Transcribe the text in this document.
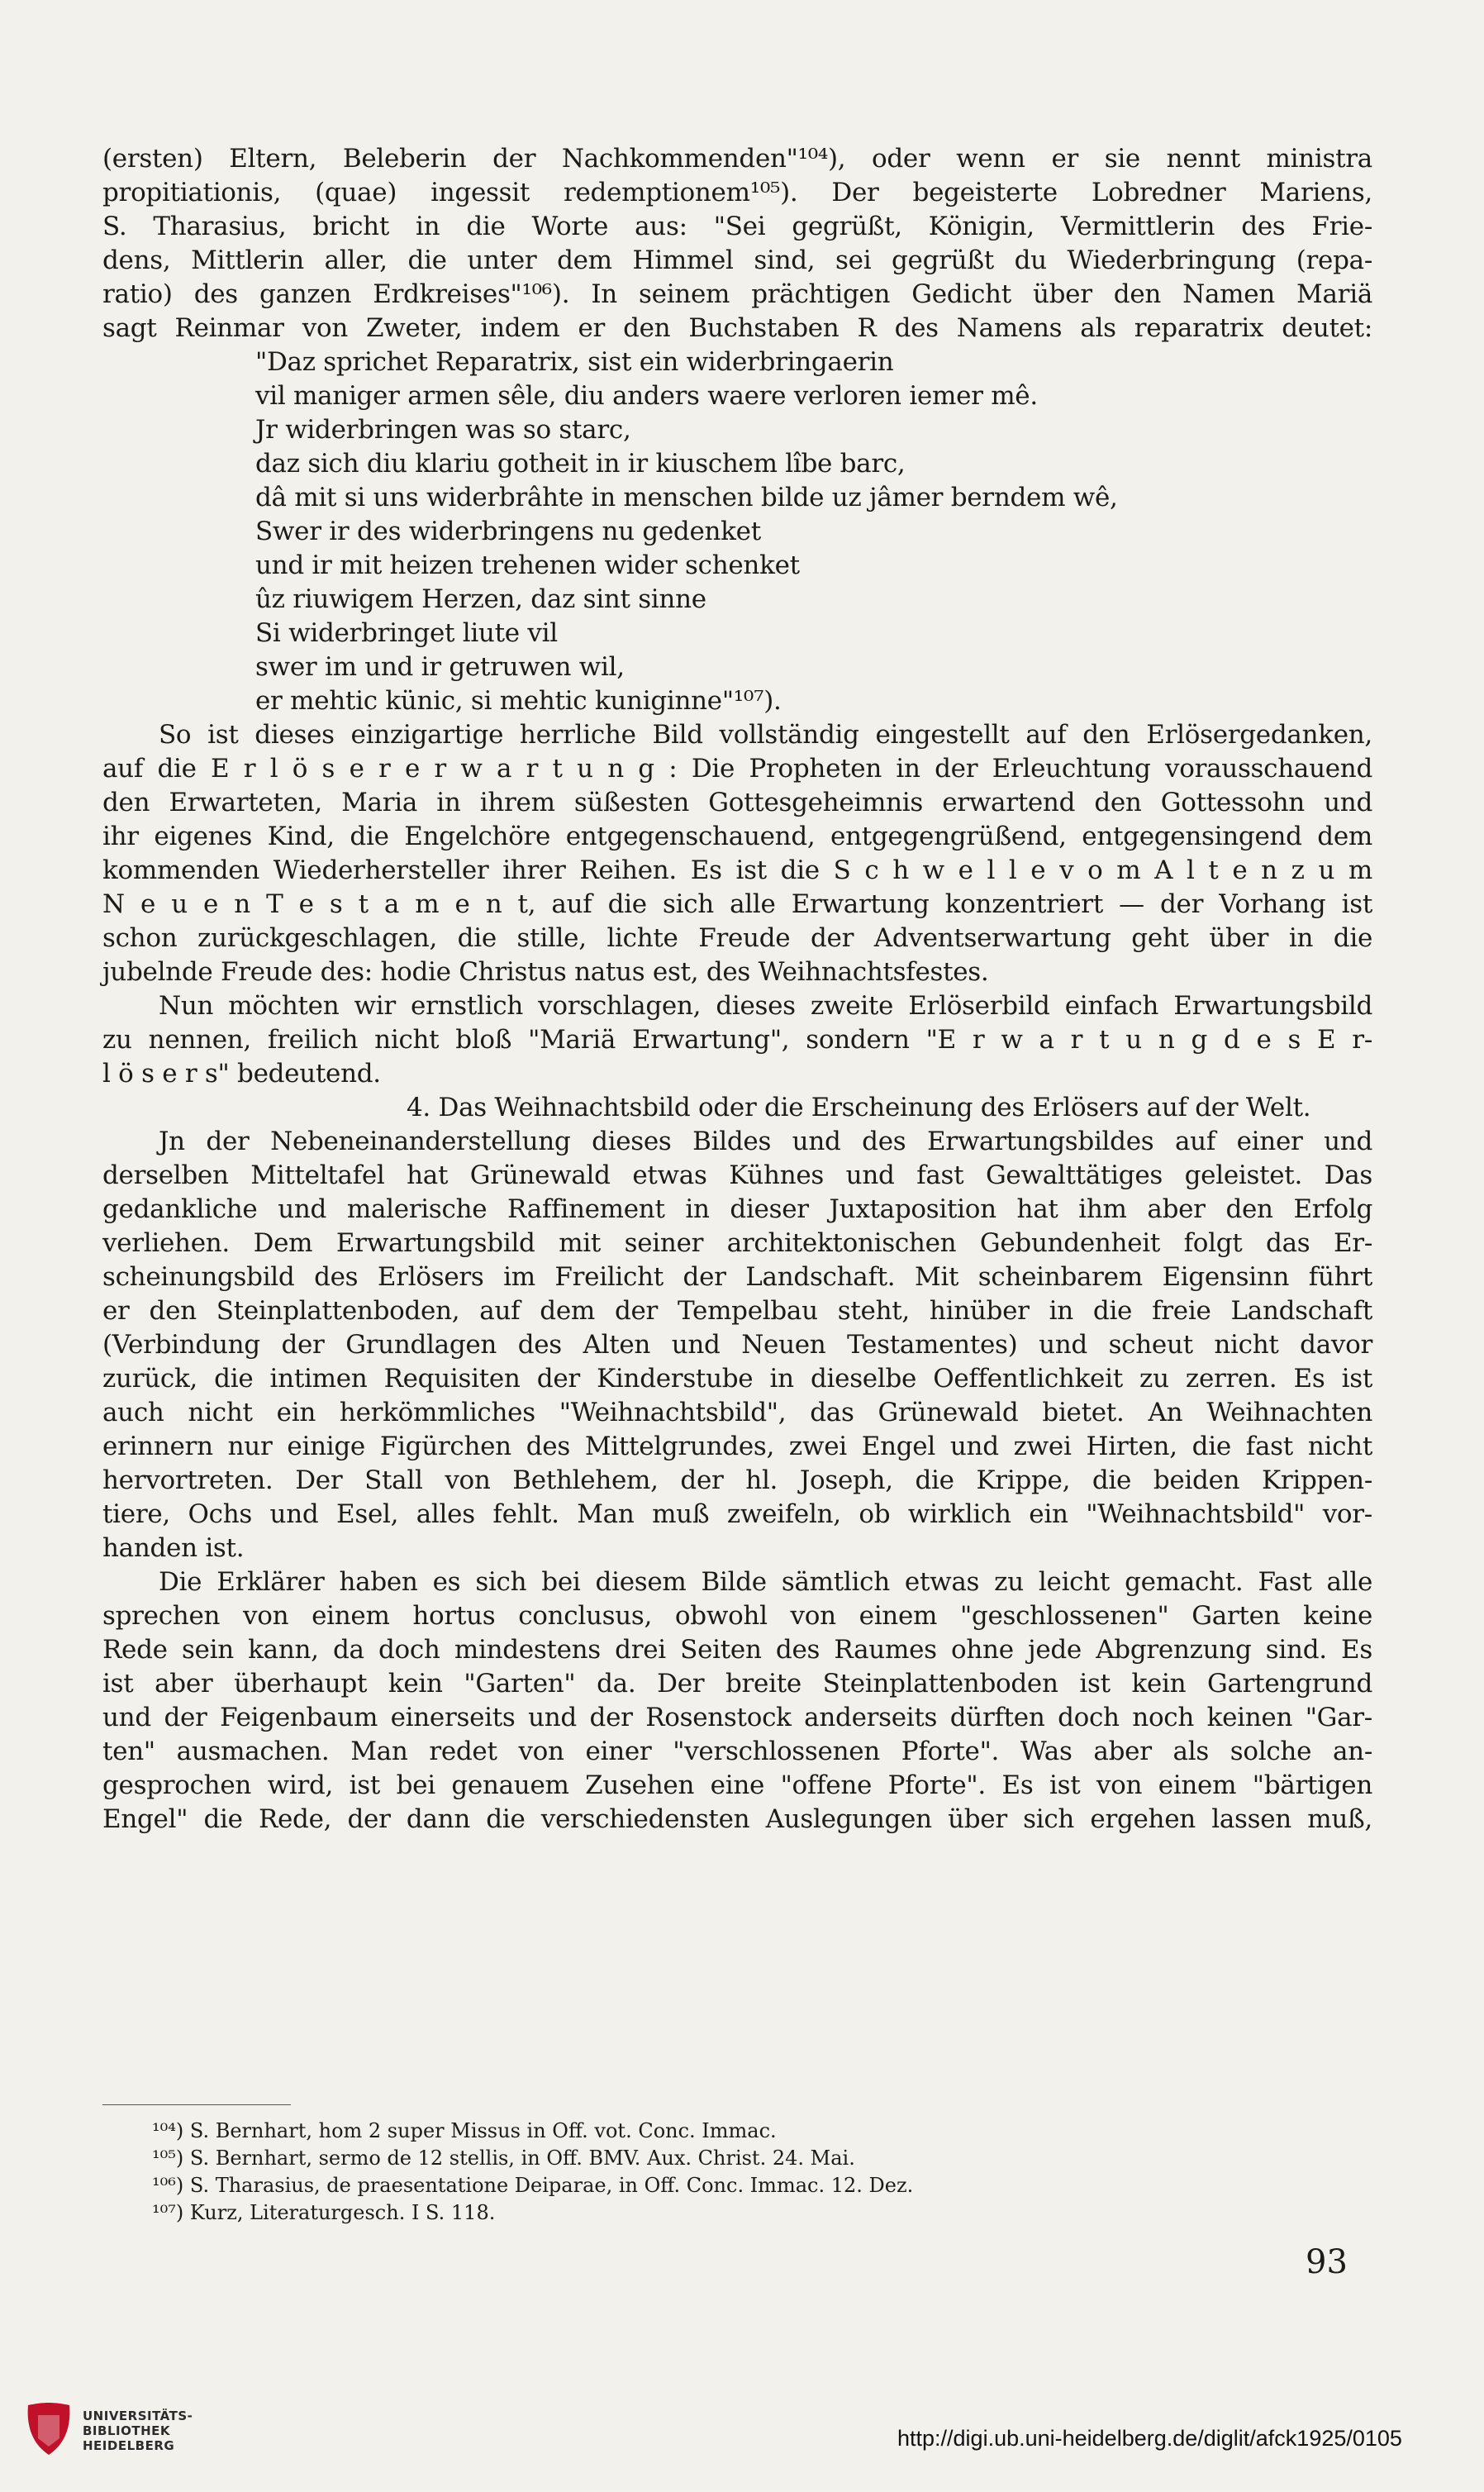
(ersten) Eltern, Beleberin der Nachkommenden"¹⁰⁴), oder wenn er sie nennt ministra
propitiationis, (quae) ingessit redemptionem¹⁰⁵). Der begeisterte Lobredner Mariens,
S. Tharasius, bricht in die Worte aus: "Sei gegrüßt, Königin, Vermittlerin des Frie-
dens, Mittlerin aller, die unter dem Himmel sind, sei gegrüßt du Wiederbringung (repa-
ratio) des ganzen Erdkreises"¹⁰⁶). In seinem prächtigen Gedicht über den Namen Mariä
sagt Reinmar von Zweter, indem er den Buchstaben R des Namens als reparatrix deutet:
"Daz sprichet Reparatrix, sist ein widerbringaerin
vil maniger armen sêle, diu anders waere verloren iemer mê.
Jr widerbringen was so starc,
daz sich diu klariu gotheit in ir kiuschem lîbe barc,
dâ mit si uns widerbrâhte in menschen bilde uz jâmer berndem wê,
Swer ir des widerbringens nu gedenket
und ir mit heizen trehenen wider schenket
ûz riuwigem Herzen, daz sint sinne
Si widerbringet liute vil
swer im und ir getruwen wil,
er mehtic künic, si mehtic kuniginne"¹⁰⁷).
So ist dieses einzigartige herrliche Bild vollständig eingestellt auf den Erlösergedanken,
auf die E r l ö s e r e r w a r t u n g : Die Propheten in der Erleuchtung vorausschauend
den Erwarteten, Maria in ihrem süßesten Gottesgeheimnis erwartend den Gottessohn und
ihr eigenes Kind, die Engelchöre entgegenschauend, entgegengrüßend, entgegensingend dem
kommenden Wiederhersteller ihrer Reihen. Es ist die S c h w e l l e v o m A l t e n z u m
N e u e n T e s t a m e n t, auf die sich alle Erwartung konzentriert — der Vorhang ist
schon zurückgeschlagen, die stille, lichte Freude der Adventserwartung geht über in die
jubelnde Freude des: hodie Christus natus est, des Weihnachtsfestes.
Nun möchten wir ernstlich vorschlagen, dieses zweite Erlöserbild einfach Erwartungsbild
zu nennen, freilich nicht bloß "Mariä Erwartung", sondern "E r w a r t u n g d e s E r-
l ö s e r s" bedeutend.
4. Das Weihnachtsbild oder die Erscheinung des Erlösers auf der Welt.
Jn der Nebeneinanderstellung dieses Bildes und des Erwartungsbildes auf einer und
derselben Mitteltafel hat Grünewald etwas Kühnes und fast Gewalttätiges geleistet. Das
gedankliche und malerische Raffinement in dieser Juxtaposition hat ihm aber den Erfolg
verliehen. Dem Erwartungsbild mit seiner architektonischen Gebundenheit folgt das Er-
scheinungsbild des Erlösers im Freilicht der Landschaft. Mit scheinbarem Eigensinn führt
er den Steinplattenboden, auf dem der Tempelbau steht, hinüber in die freie Landschaft
(Verbindung der Grundlagen des Alten und Neuen Testamentes) und scheut nicht davor
zurück, die intimen Requisiten der Kinderstube in dieselbe Oeffentlichkeit zu zerren. Es ist
auch nicht ein herkömmliches "Weihnachtsbild", das Grünewald bietet. An Weihnachten
erinnern nur einige Figürchen des Mittelgrundes, zwei Engel und zwei Hirten, die fast nicht
hervortreten. Der Stall von Bethlehem, der hl. Joseph, die Krippe, die beiden Krippen-
tiere, Ochs und Esel, alles fehlt. Man muß zweifeln, ob wirklich ein "Weihnachtsbild" vor-
handen ist.
Die Erklärer haben es sich bei diesem Bilde sämtlich etwas zu leicht gemacht. Fast alle
sprechen von einem hortus conclusus, obwohl von einem "geschlossenen" Garten keine
Rede sein kann, da doch mindestens drei Seiten des Raumes ohne jede Abgrenzung sind. Es
ist aber überhaupt kein "Garten" da. Der breite Steinplattenboden ist kein Gartengrund
und der Feigenbaum einerseits und der Rosenstock anderseits dürften doch noch keinen "Gar-
ten" ausmachen. Man redet von einer "verschlossenen Pforte". Was aber als solche an-
gesprochen wird, ist bei genauem Zusehen eine "offene Pforte". Es ist von einem "bärtigen
Engel" die Rede, der dann die verschiedensten Auslegungen über sich ergehen lassen muß,
¹⁰⁴) S. Bernhart, hom 2 super Missus in Off. vot. Conc. Immac.
¹⁰⁵) S. Bernhart, sermo de 12 stellis, in Off. BMV. Aux. Christ. 24. Mai.
¹⁰⁶) S. Tharasius, de praesentatione Deiparae, in Off. Conc. Immac. 12. Dez.
¹⁰⁷) Kurz, Literaturgesch. I S. 118.
93
UNIVERSITÄTS-
BIBLIOTHEK
HEIDELBERG	http://digi.ub.uni-heidelberg.de/diglit/afck1925/0105
